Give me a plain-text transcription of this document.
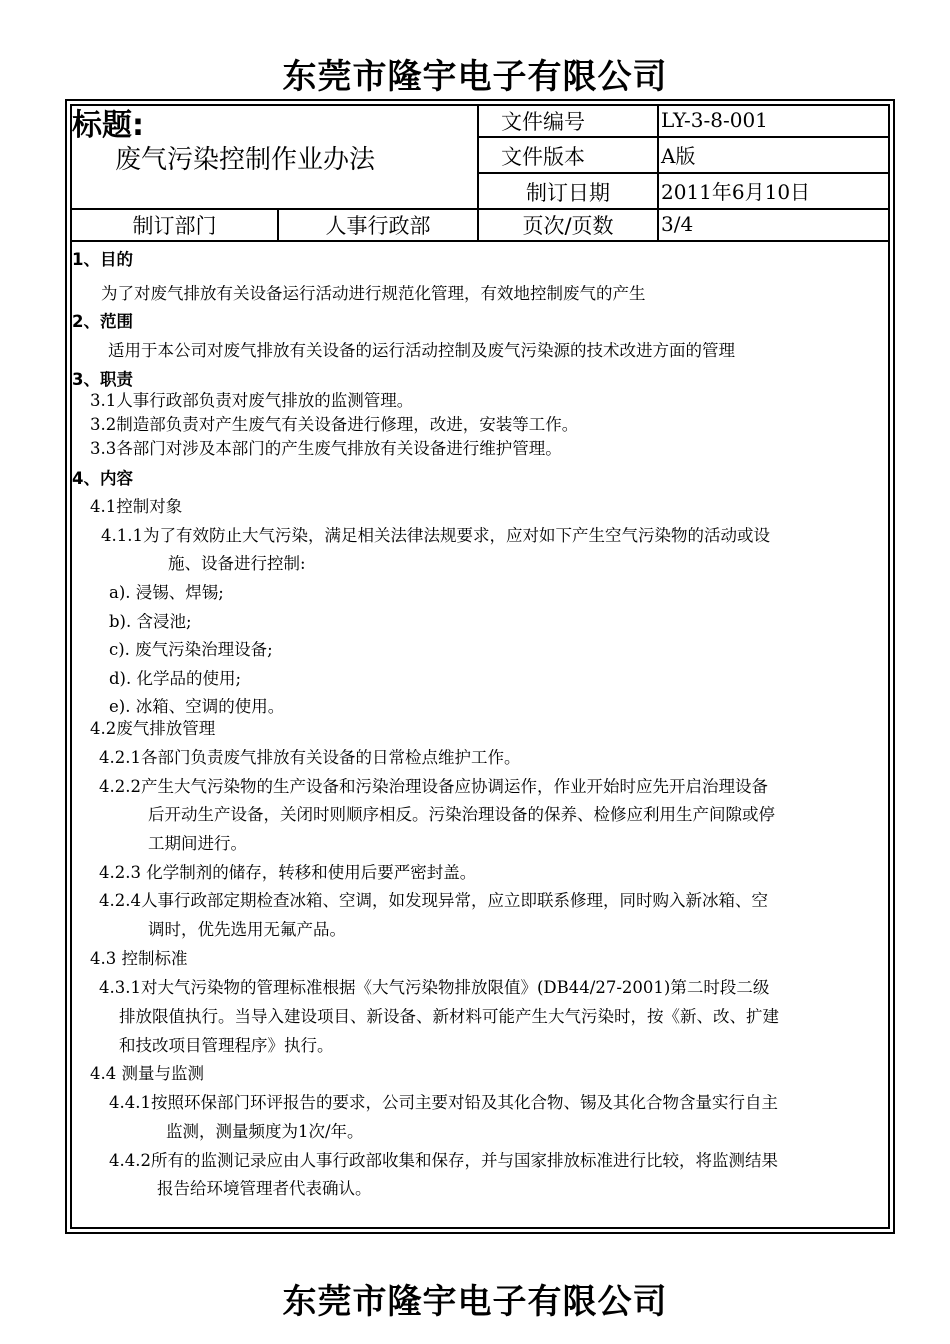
东莞市隆宇电子有限公司
标题:
废气污染控制作业办法
文件编号
文件版本
制订日期
制订部门	人事行政部	页次/页数
LY-3-8-001
A版
2011年6月10日
3/4
1、目的
为了对废气排放有关设备运行活动进行规范化管理，有效地控制废气的产生
2、范围
适用于本公司对废气排放有关设备的运行活动控制及废气污染源的技术改进方面的管理
3、职责
3.1人事行政部负责对废气排放的监测管理。
3.2制造部负责对产生废气有关设备进行修理，改进，安装等工作。
3.3各部门对涉及本部门的产生废气排放有关设备进行维护管理。
4、内容
4.1控制对象
4.1.1为了有效防止大气污染，满足相关法律法规要求，应对如下产生空气污染物的活动或设
施、设备进行控制:
a). 浸锡、焊锡;
b). 含浸池;
c). 废气污染治理设备;
d). 化学品的使用;
e). 冰箱、空调的使用。
4.2废气排放管理
4.2.1各部门负责废气排放有关设备的日常检点维护工作。
4.2.2产生大气污染物的生产设备和污染治理设备应协调运作，作业开始时应先开启治理设备
后开动生产设备，关闭时则顺序相反。污染治理设备的保养、检修应利用生产间隙或停
工期间进行。
4.2.3 化学制剂的储存，转移和使用后要严密封盖。
4.2.4人事行政部定期检查冰箱、空调，如发现异常，应立即联系修理，同时购入新冰箱、空
调时，优先选用无氟产品。
4.3 控制标准
4.3.1对大气污染物的管理标准根据《大气污染物排放限值》(DB44/27-2001)第二时段二级
排放限值执行。当导入建设项目、新设备、新材料可能产生大气污染时，按《新、改、扩建
和技改项目管理程序》执行。
4.4 测量与监测
4.4.1按照环保部门环评报告的要求，公司主要对铅及其化合物、锡及其化合物含量实行自主
监测，测量频度为1次/年。
4.4.2所有的监测记录应由人事行政部收集和保存，并与国家排放标准进行比较，将监测结果
报告给环境管理者代表确认。
东莞市隆宇电子有限公司
